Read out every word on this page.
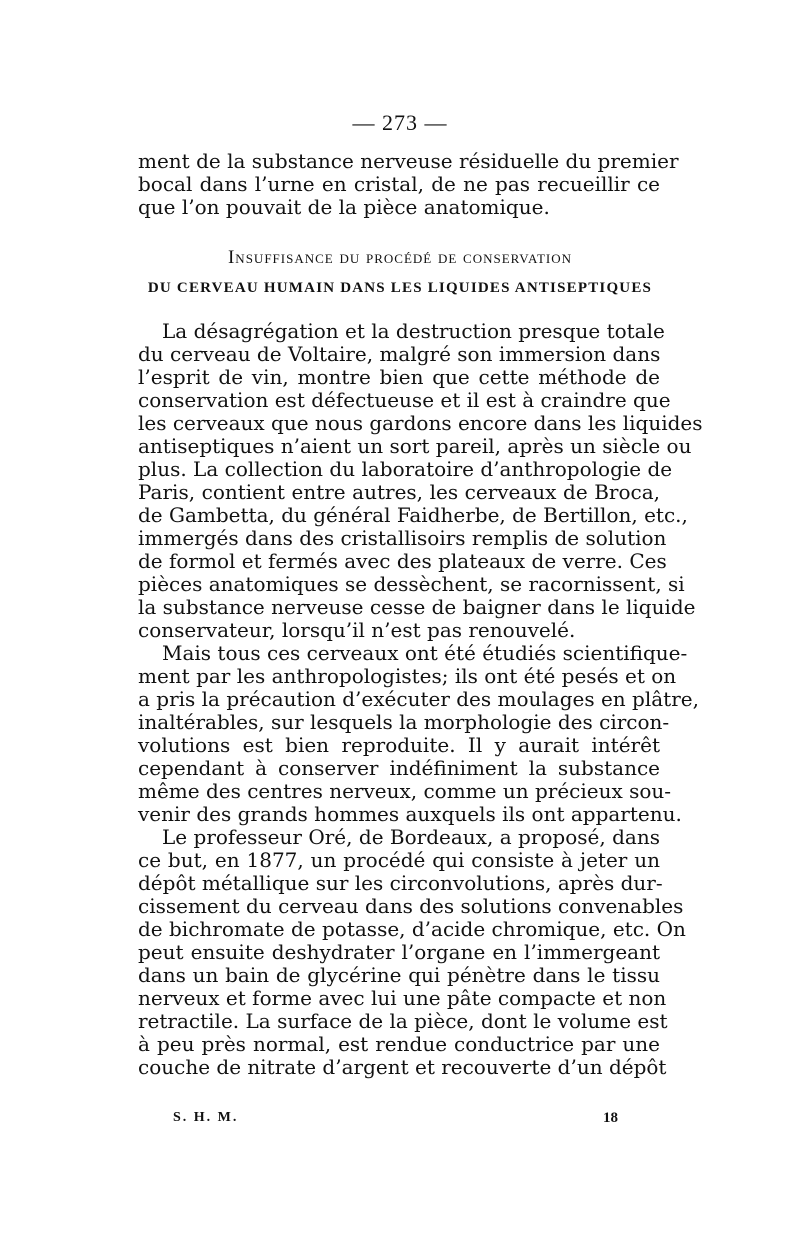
— 273 —
ment de la substance nerveuse résiduelle du premier
bocal dans l’urne en cristal, de ne pas recueillir ce
que l’on pouvait de la pièce anatomique.
Insuffisance du procédé de conservation
DU CERVEAU HUMAIN DANS LES LIQUIDES ANTISEPTIQUES
La désagrégation et la destruction presque totale
du cerveau de Voltaire, malgré son immersion dans
l’esprit de vin, montre bien que cette méthode de
conservation est défectueuse et il est à craindre que
les cerveaux que nous gardons encore dans les liquides
antiseptiques n’aient un sort pareil, après un siècle ou
plus. La collection du laboratoire d’anthropologie de
Paris, contient entre autres, les cerveaux de Broca,
de Gambetta, du général Faidherbe, de Bertillon, etc.,
immergés dans des cristallisoirs remplis de solution
de formol et fermés avec des plateaux de verre. Ces
pièces anatomiques se dessèchent, se racornissent, si
la substance nerveuse cesse de baigner dans le liquide
conservateur, lorsqu’il n’est pas renouvelé.
Mais tous ces cerveaux ont été étudiés scientifique-
ment par les anthropologistes; ils ont été pesés et on
a pris la précaution d’exécuter des moulages en plâtre,
inaltérables, sur lesquels la morphologie des circon-
volutions est bien reproduite. Il y aurait intérêt
cependant à conserver indéfiniment la substance
même des centres nerveux, comme un précieux sou-
venir des grands hommes auxquels ils ont appartenu.
Le professeur Oré, de Bordeaux, a proposé, dans
ce but, en 1877, un procédé qui consiste à jeter un
dépôt métallique sur les circonvolutions, après dur-
cissement du cerveau dans des solutions convenables
de bichromate de potasse, d’acide chromique, etc. On
peut ensuite deshydrater l’organe en l’immergeant
dans un bain de glycérine qui pénètre dans le tissu
nerveux et forme avec lui une pâte compacte et non
retractile. La surface de la pièce, dont le volume est
à peu près normal, est rendue conductrice par une
couche de nitrate d’argent et recouverte d’un dépôt
S. H. M.	18
